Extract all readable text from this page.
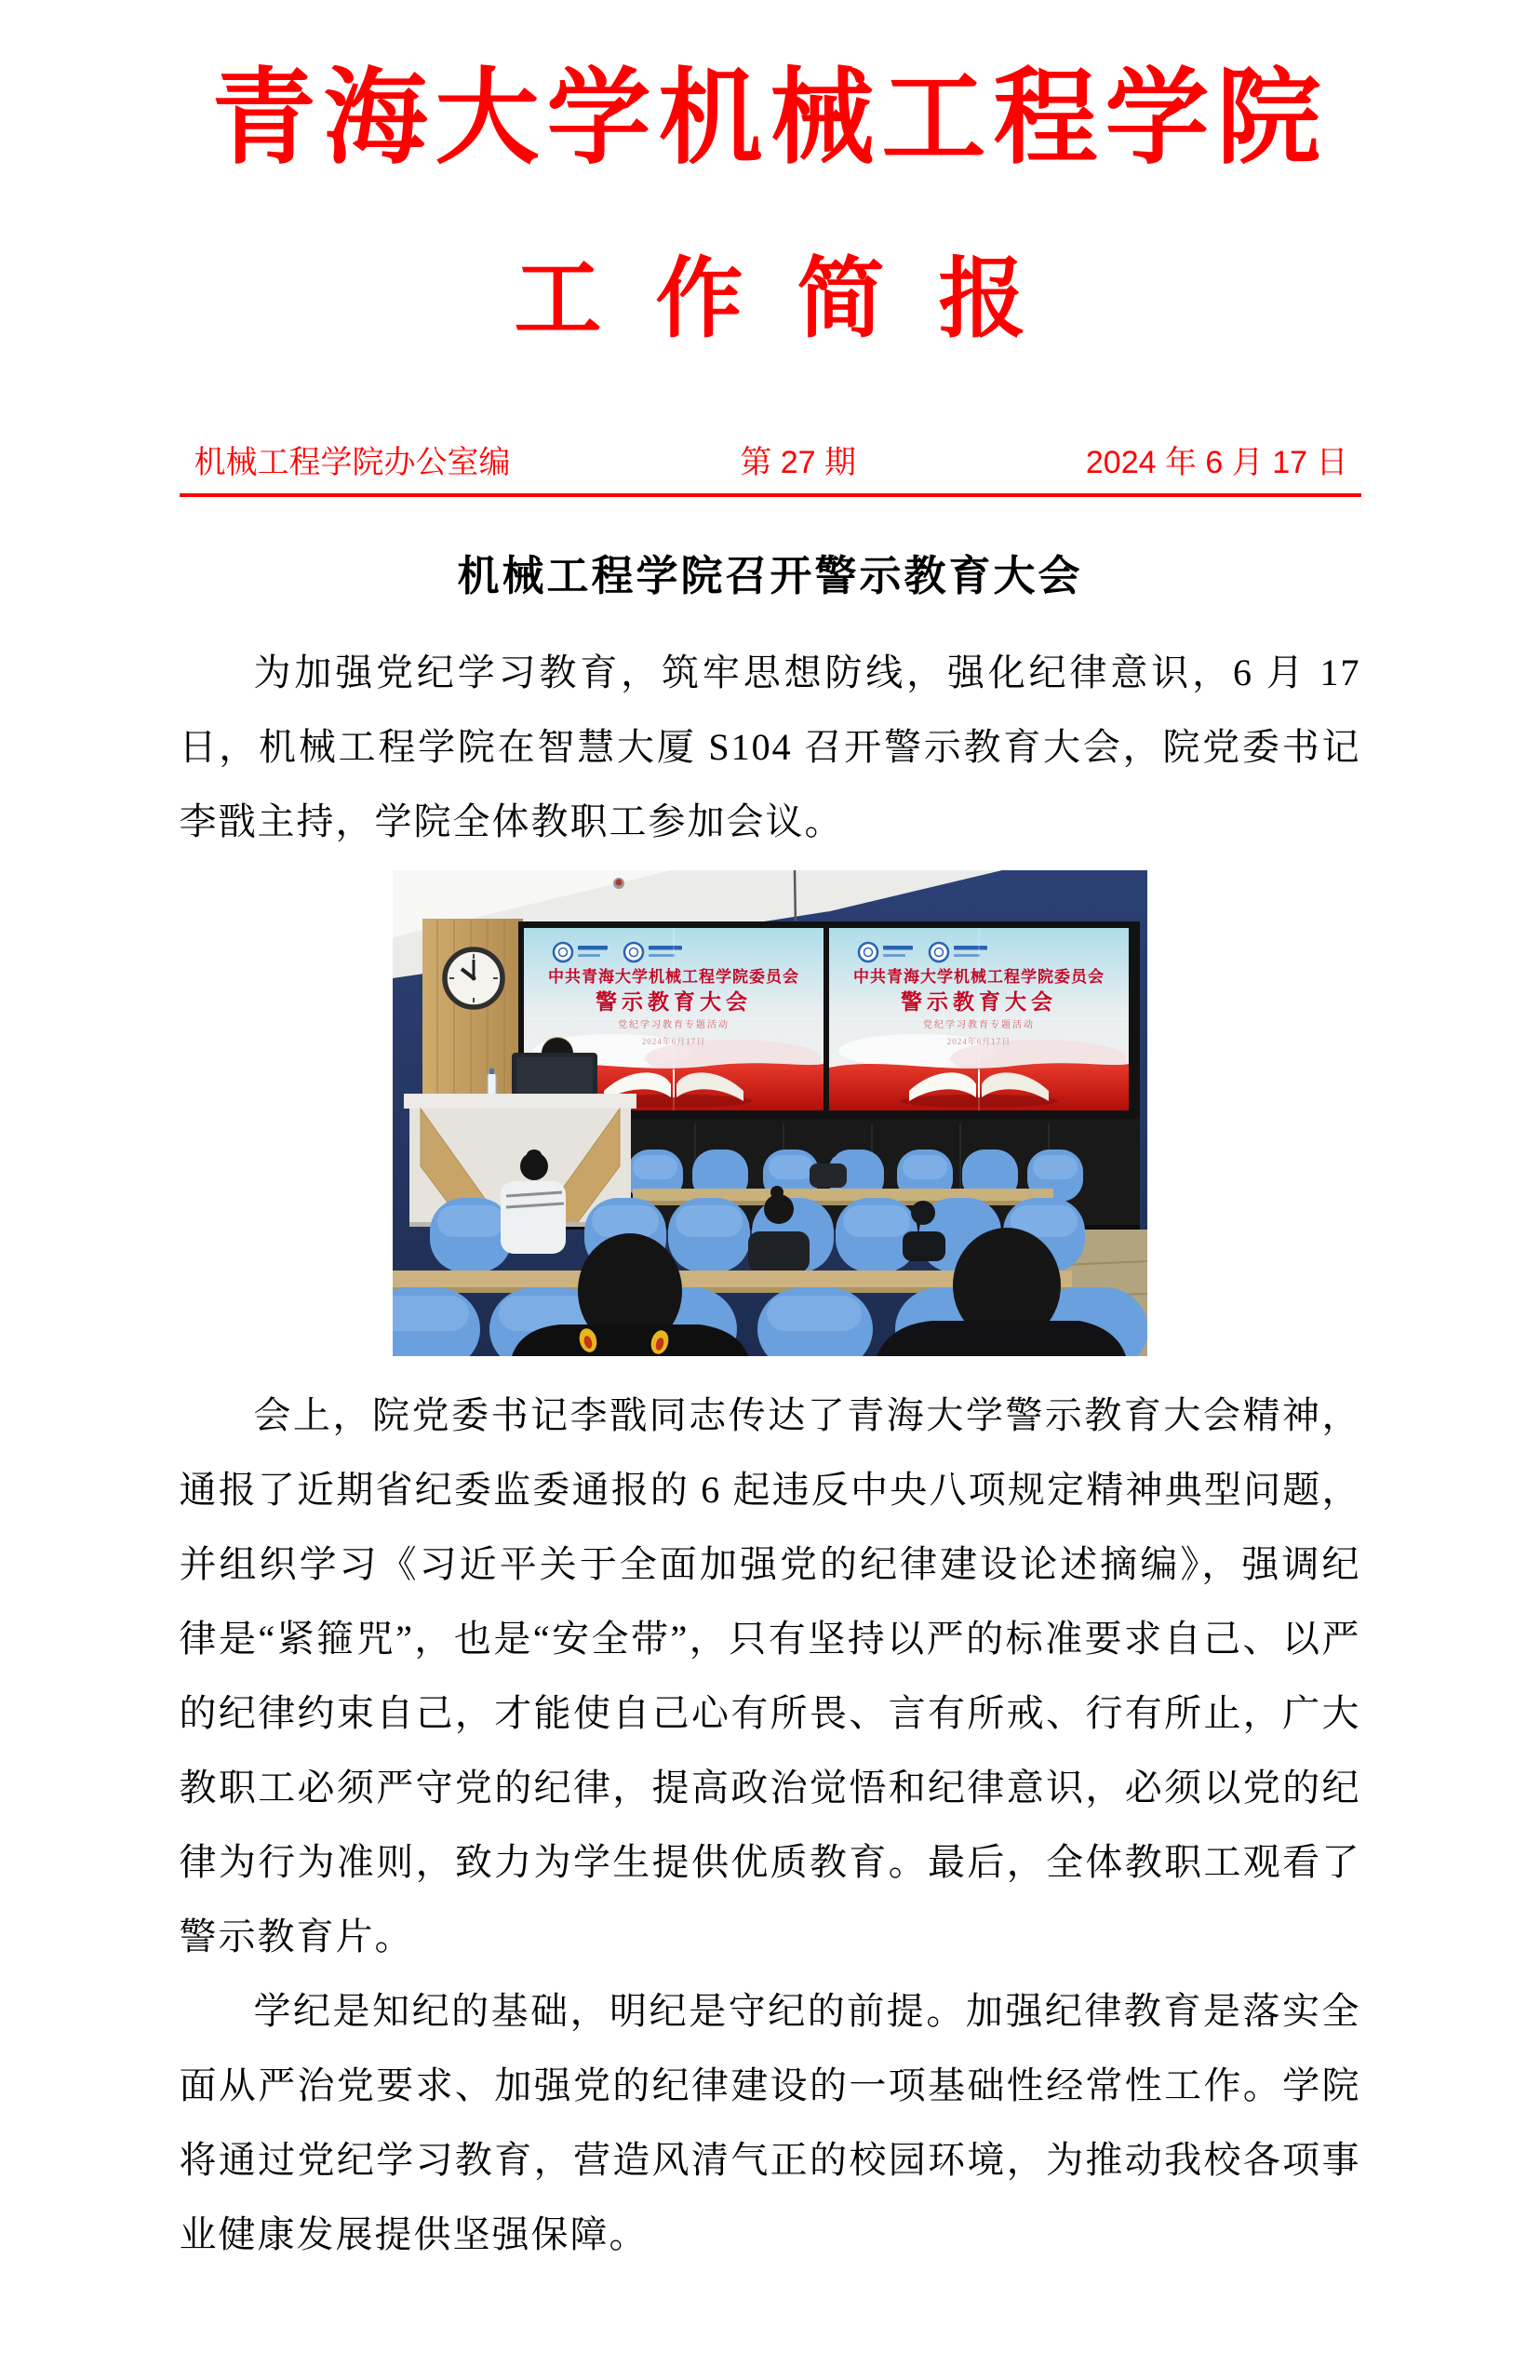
青海大学机械工程学院
工作简报
机械工程学院办公室编	第 27 期	2024 年 6 月 17 日
机械工程学院召开警示教育大会

为加强党纪学习教育，筑牢思想防线，强化纪律意识，6 月 17 日，机械工程学院在智慧大厦 S104 召开警示教育大会，院党委书记李戬主持，学院全体教职工参加会议。

会上，院党委书记李戬同志传达了青海大学警示教育大会精神，通报了近期省纪委监委通报的 6 起违反中央八项规定精神典型问题，并组织学习《习近平关于全面加强党的纪律建设论述摘编》，强调纪律是“紧箍咒”，也是“安全带”，只有坚持以严的标准要求自己、以严的纪律约束自己，才能使自己心有所畏、言有所戒、行有所止，广大教职工必须严守党的纪律，提高政治觉悟和纪律意识，必须以党的纪律为行为准则，致力为学生提供优质教育。最后，全体教职工观看了警示教育片。

学纪是知纪的基础，明纪是守纪的前提。加强纪律教育是落实全面从严治党要求、加强党的纪律建设的一项基础性经常性工作。学院将通过党纪学习教育，营造风清气正的校园环境，为推动我校各项事业健康发展提供坚强保障。
